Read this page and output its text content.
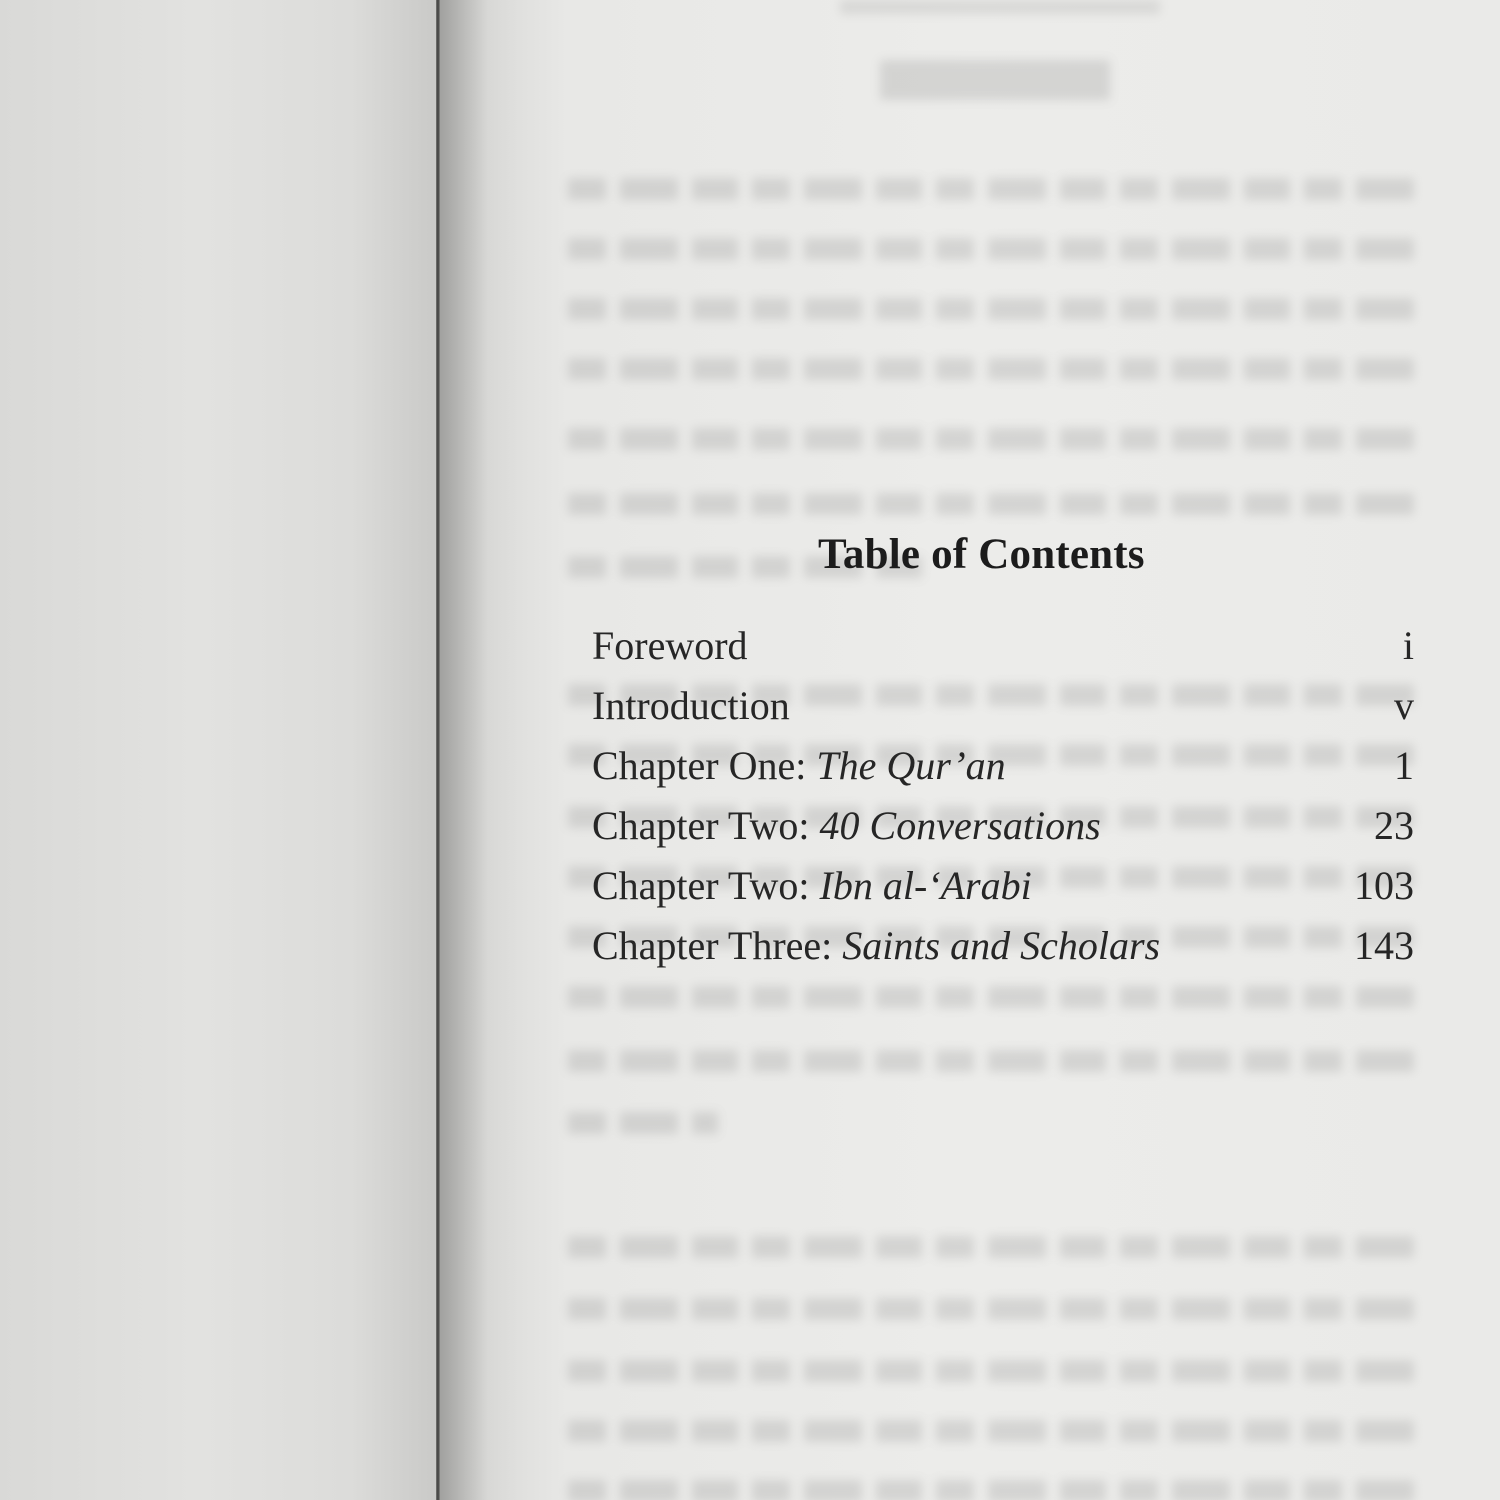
Table of Contents
Foreword	i
Introduction	v
Chapter One: The Qur’an	1
Chapter Two: 40 Conversations	23
Chapter Two: Ibn al-‘Arabi	103
Chapter Three: Saints and Scholars	143
